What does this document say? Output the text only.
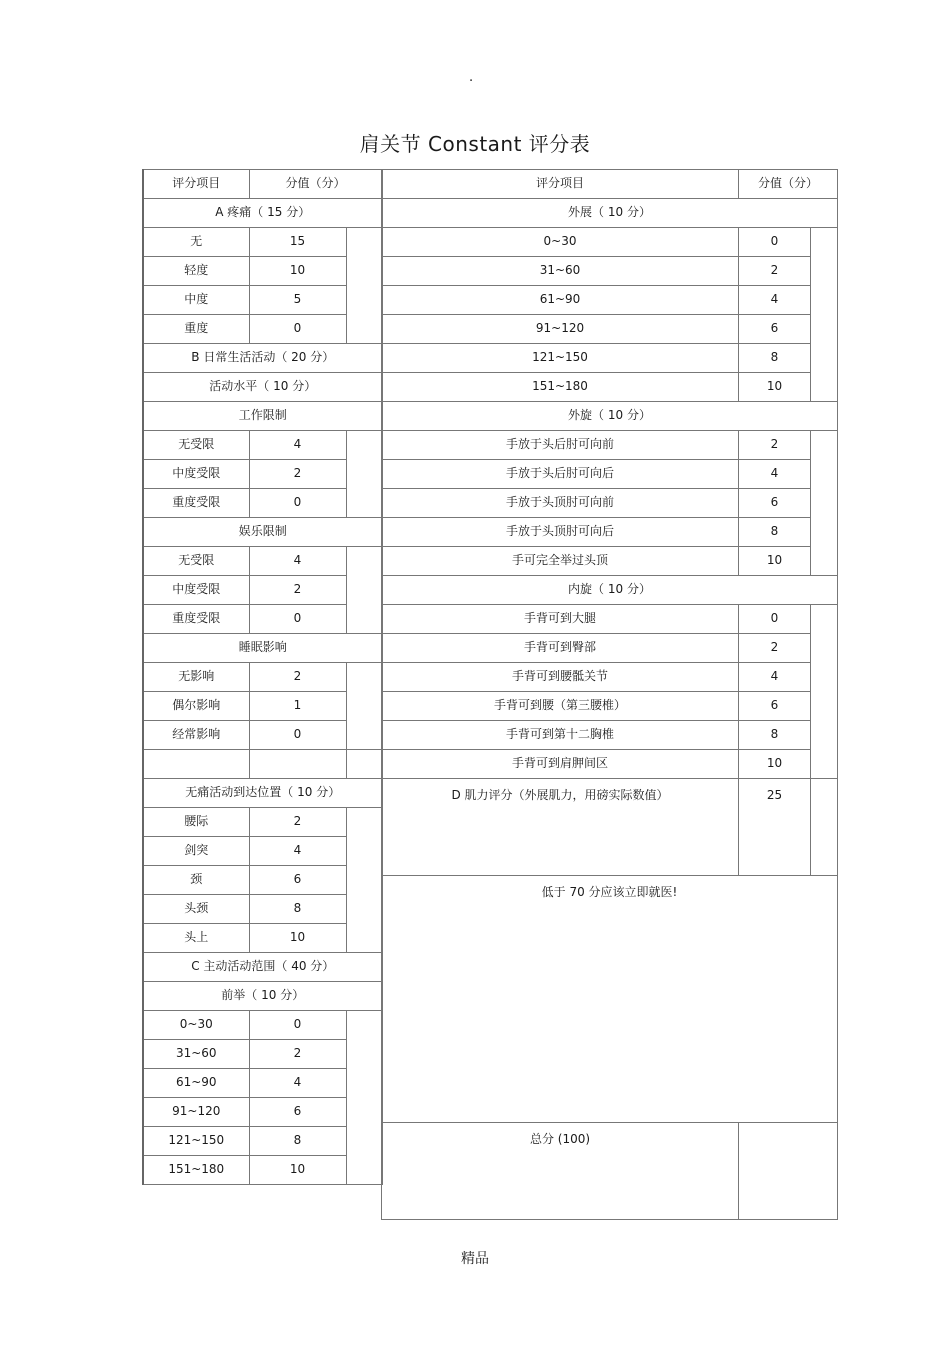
.
肩关节 Constant 评分表
评分项目	分值（分）	
A 疼痛（ 15 分）		
无	15	
轻度	10	
中度	5	
重度	0	
B 日常生活活动（ 20 分）		
活动水平（ 10 分）		
工作限制		
无受限	4	
中度受限	2	
重度受限	0	
娱乐限制		
无受限	4	
中度受限	2	
重度受限	0	
睡眠影响		
无影响	2	
偶尔影响	1	
经常影响	0	

无痛活动到达位置（ 10 分）		
腰际	2	
剑突	4	
颈	6	
头颈	8	
头上	10	
C 主动活动范围（ 40 分）		
前举（ 10 分）		
0~30	0	
31~60	2	
61~90	4	
91~120	6	
121~150	8	
151~180	10	
评分项目	分值（分）	
外展（ 10 分）		
0~30	0	
31~60	2	
61~90	4	
91~120	6	
121~150	8	
151~180	10	
外旋（ 10 分）		
手放于头后肘可向前	2	
手放于头后肘可向后	4	
手放于头顶肘可向前	6	
手放于头顶肘可向后	8	
手可完全举过头顶	10	
内旋（ 10 分）		
手背可到大腿	0	
手背可到臀部	2	
手背可到腰骶关节	4	
手背可到腰（第三腰椎）	6	
手背可到第十二胸椎	8	
手背可到肩胛间区	10	
D 肌力评分（外展肌力，用磅实际数值）	25	
低于 70 分应该立即就医!		
总分 (100)		
精品
